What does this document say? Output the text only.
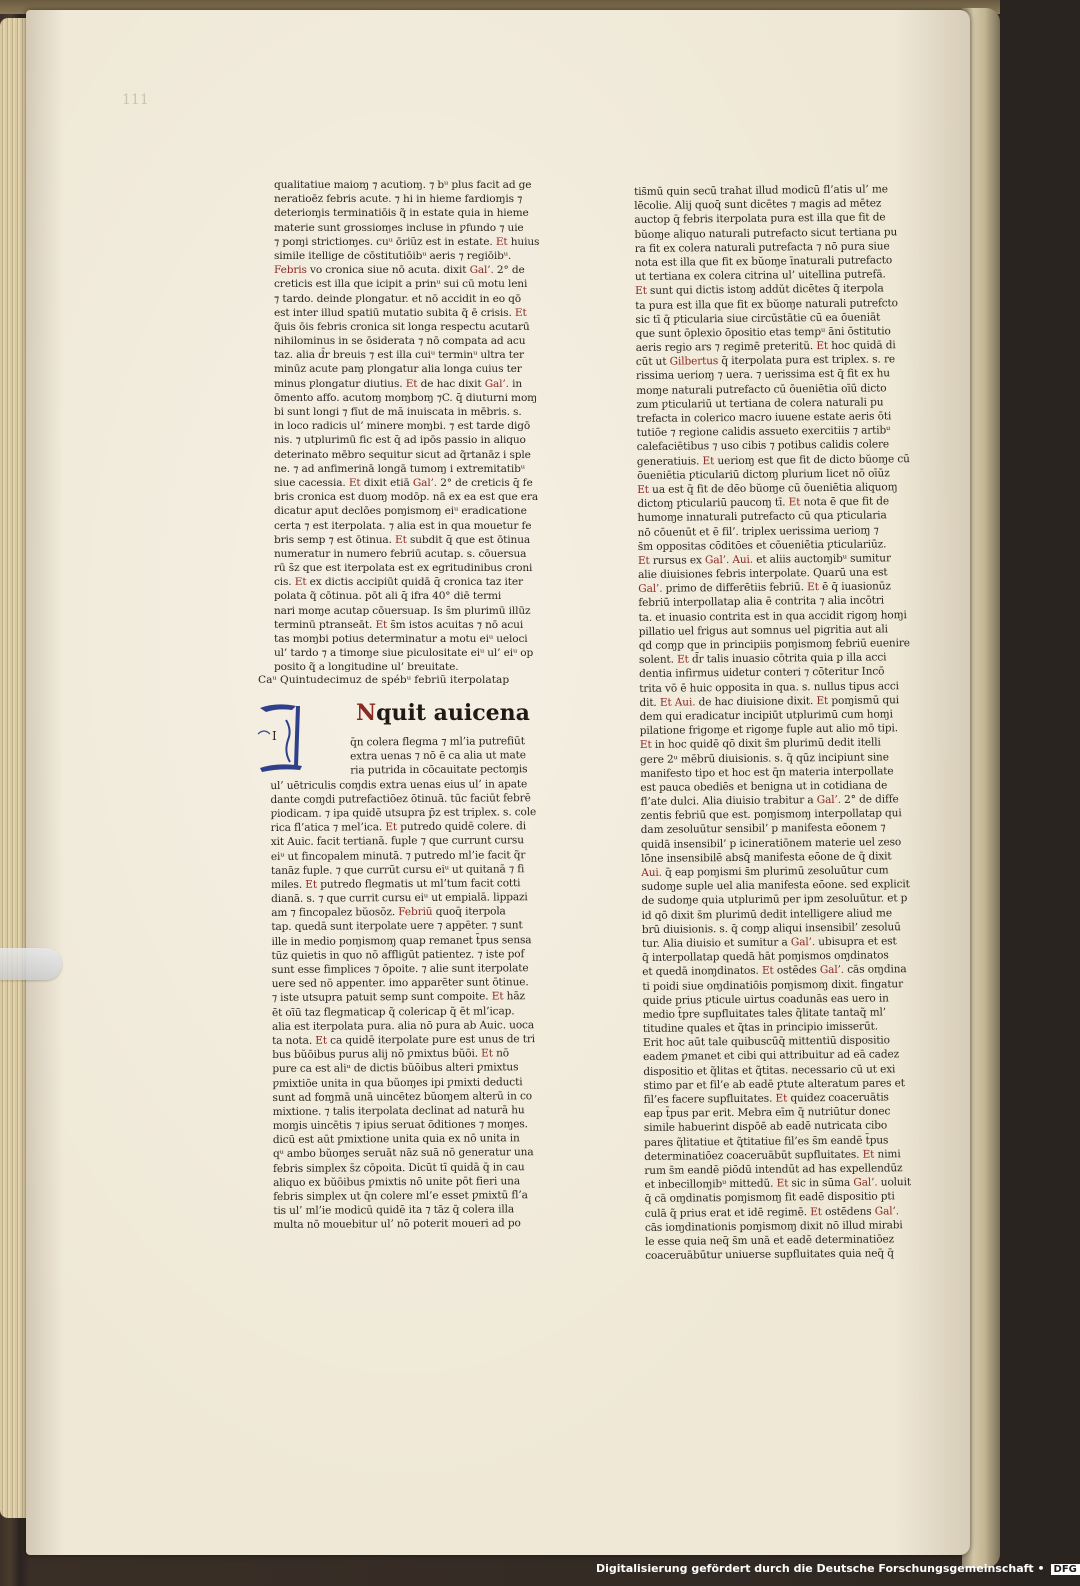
111
qualitatiue maioɱ ⁊ acutioɱ. ⁊ bᵘ plus facit ad ge
neratioēz febris acute. ⁊ hi in hieme fardioɱis ⁊
deterioɱis terminatiōis q̃ in estate quia in hieme
materie sunt grossioɱes incluse in ƿfundo ⁊ uie
⁊ poɱi strictioɱes. cuᵘ ōriũz est in estate. Et huius
simile itellige de cōstitutiōibᵘ aeris ⁊ regiōibᵘ.
Febris vo cronica siue nō acuta. dixit Gal’. 2° de
creticis est illa que icipit a prinᵘ sui cū motu leni
⁊ tardo. deinde ƿlongatur. et nō accidit in eo qō
est inter illud spatiū mutatio subita q̃ ē crisis. Et
q̃uis ōis febris cronica sit longa respectu acutarū
nihilominus in se ōsiderata ⁊ nō compata ad acu
taz. alia d̄r breuis ⁊ est illa cuiᵘ terminᵘ ultra ter
minūz acute paɱ ƿlongatur alia longa cuius ter
minus ƿlongatur diutius. Et de hac dixit Gal’. in
ōmento affo. acutoɱ moɱboɱ ⁊C. q̄ diuturni moɱ
bi sunt longi ⁊ fīut de mă inuiscata in mēbris. s.
in loco radicis ul’ minere moɱbi. ⁊ est tarde digō
nis. ⁊ utplurimū fic est q̄ ad ipōs passio in aliquo
deterinato mēbro sequitur sicut ad q̃rtanāz i sple
ne. ⁊ ad anfimerinā longā tumoɱ i extremitatibᵘ
siue cacessia. Et dixit etiā Gal’. 2° de creticis q̄ fe
bris cronica est duoɱ modōp. nā ex ea est que era
dicatur aput declōes poɱismoɱ eiᵘ eradicatione
certa ⁊ est iterpolata. ⁊ alia est in qua mouetur fe
bris semp ⁊ est ōtinua. Et subdit q̄ que est ōtinua
numeratur in numero febriū acutap. s. cōuersua
rū s̄z que est iterpolata est ex egritudinibus croni
cis. Et ex dictis accipiūt quidā q̄ cronica taz iter
polata q̃ cōtinua. pōt ali q̄ ifra 40° diē termi
nari moɱe acutap cōuersuap. Is s̄m plurimū illūz
terminū ptranseāt. Et s̄m istos acuitas ⁊ nō acui
tas moɱbi potius determinatur a motu eiᵘ ueloci
ul’ tardo ⁊ a timoɱe siue piculositate eiᵘ ul’ eiᵘ op
posito q̃ a longitudine ul’ breuitate.
Caᵘ Quintudecimuz de spébᵘ febriũ iterpolatap
I
Nquit auicena
q̄n colera flegma ⁊ ml’ia putrefiūt
extra uenas ⁊ nō ē ca alia ut mate
ria putrida in cōcauitate pectoɱis
ul’ uētriculis coɱdis extra uenas eius ul’ in apate
dante coɱdi putrefactiōez ōtinuā. tūc faciūt febrē
ƿiodicam. ⁊ ipa quidē utsupra p̄z est triplex. s. cole
rica fl’atica ⁊ mel’ica. Et putredo quidē colere. di
xit Auic. facit tertianā. fuple ⁊ que currunt cursu
eiᵘ ut fincopalem minutā. ⁊ putredo ml’ie facit q̃r
tanāz fuple. ⁊ que currūt cursu eiᵘ ut quitanā ⁊ fi
miles. Et putredo flegmatis ut ml’tum facit cotti
dianā. s. ⁊ que currit cursu eiᵘ ut empialā. lippazi
am ⁊ fincopalez bŭosōz. Febriū quoq̄ iterpola
tap. quedā sunt iterpolate uere ⁊ appēter. ⁊ sunt
ille in medio poɱismoɱ quap remanet t̄pus sensa
tūz quietis in quo nō affligūt patientez. ⁊ iste pof
sunt esse fimplices ⁊ ōpoite. ⁊ alie sunt iterpolate
uere sed nō appenter. imo apparēter sunt ōtinue.
⁊ iste utsupra patuit semp sunt compoite. Et hāz
ēt oīū taz flegmaticap q̃ colericap q̃ ēt ml’icap.
alia est iterpolata pura. alia nō pura ab Auic. uoca
ta nota. Et ca quidē iterpolate pure est unus de tri
bus bŭōibus purus alij nō ƿmixtus bŭōi. Et nō
pure ca est aliᵘ de dictis bŭōibus alteri ƿmixtus
ƿmixtiōe unita in qua bŭoɱes ipi ƿmixti deducti
sunt ad foɱmā unā uincētez bŭoɱem alterū in co
mixtione. ⁊ talis iterpolata declinat ad naturā hu
moɱis uincētis ⁊ ipius seruat ōditiones ⁊ moɱes.
dicū est aūt ƿmixtione unita quia ex nō unita in
qᵘ ambo bŭoɱes seruāt nāz suā nō generatur una
febris simplex s̄z cōpoita. Dicūt tī quidā q̄ in cau
aliquo ex bŭōibus ƿmixtis nō unite pōt fieri una
febris simplex ut q̄n colere ml’e esset ƿmixtū fl’a
tis ul’ ml’ie modicū quidē ita ⁊ tāz q̄ colera illa
multa nō mouebitur ul’ nō poterit moueri ad po
tis̄mū quin secū trahat illud modicū fl’atis ul’ me
lēcolie. Alij quoq̄ sunt dicētes ⁊ magis ad mētez
auctop q̄ febris iterpolata pura est illa que fit de
bŭoɱe aliquo naturali putrefacto sicut tertiana pu
ra fit ex colera naturali putrefacta ⁊ nō pura siue
nota est illa que fit ex bŭoɱe īnaturali putrefacto
ut tertiana ex colera citrina ul’ uitellina putrefā.
Et sunt qui dictis istoɱ addŭt dicētes q̄ iterpola
ta pura est illa que fit ex bŭoɱe naturali putrefcto
sic tī q̄ ƿticularia siue circūstātie cū ea ōueniāt
que sunt ōplexio ōpositio etas tempᵘ āni ōstitutio
aeris regio ars ⁊ regimē preteritŭ. Et hoc quidā di
cūt ut Gilbertus q̄ iterpolata pura est triplex. s. re
rissima uerioɱ ⁊ uera. ⁊ uerissima est q̄ fit ex hu
moɱe naturali putrefacto cū ōueniētia oīū dicto
zum ƿticulariū ut tertiana de colera naturali pu
trefacta in colerico macro iuuene estate aeris ōti
tutiōe ⁊ regione calidis assueto exercitiis ⁊ artibᵘ
calefaciētibus ⁊ uso cibis ⁊ potibus calidis colere
generatiuis. Et uerioɱ est que fit de dicto bŭoɱe cū
ōueniētia ƿticulariū dictoɱ plurium licet nō oīūz
Et ua est q̄ fit de dēo bŭoɱe cū ōueniētia aliquoɱ
dictoɱ ƿticulariū paucoɱ tī. Et nota ē que fit de
humoɱe innaturali putrefacto cū qua ƿticularia
nō cōuenūt et ē fil’. triplex uerissima uerioɱ ⁊
s̄m oppositas cōditōes et cōueniētia ƿticulariūz.
Et rursus ex Gal’. Aui. et aliis auctoɱibᵘ sumitur
alie diuisiones febris interpolate. Quarū una est
Gal’. primo de differētiis febriū. Et ē q̄ iuasionūz
febriū interpollatap alia ē contrita ⁊ alia incōtri
ta. et inuasio contrita est in qua accidit rigoɱ hoɱi
pillatio uel frigus aut somnus uel pigritia aut ali
qd coɱp que in principiis poɱismoɱ febriū euenire
solent. Et d̄r talis inuasio cōtrita quia p illa acci
dentia infirmus uidetur conteri ⁊ cōteritur Incō
trita vō ē huic opposita in qua. s. nullus tipus acci
dit. Et Aui. de hac diuisione dixit. Et poɱismū qui
dem qui eradicatur incipiūt utplurimū cum hoɱi
pilatione frigoɱe et rigoɱe fuple aut alio mō tipi.
Et in hoc quidē qō dixit s̄m plurimū dedit itelli
gere 2ᵘ mēbrū diuisionis. s. q̄ qūz incipiunt sine
manifesto tipo et hoc est q̄n materia interpollate
est pauca obediēs et benigna ut in cotidiana de
fl’ate dulci. Alia diuisio trabitur a Gal’. 2° de diffe
zentis febriū que est. poɱismoɱ interpollatap qui
dam zesoluūtur sensibil’ p manifesta eōonem ⁊
quidā insensibil’ p icineratiōnem materie uel zeso
lōne insensibilē absq̄ manifesta eōone de q̄ dixit
Aui. q̄ eap poɱismi s̄m plurimū zesoluūtur cum
sudoɱe suple uel alia manifesta eōone. sed explicit
de sudoɱe quia utplurimū per ipm zesoluūtur. et p
id qō dixit s̄m plurimū dedit intelligere aliud me
brū diuisionis. s. q̄ coɱp aliqui insensibil’ zesoluū
tur. Alia diuisio et sumitur a Gal’. ubisupra et est
q̄ interpollatap quedā hāt poɱismos oɱdinatos
et quedā inoɱdinatos. Et ostēdes Gal’. cās oɱdina
ti poidi siue oɱdinatiōis poɱismoɱ dixit. fingatur
quide prius ƿticule uirtus coadunās eas uero in
medio t̄pre supfluitates tales q̃litate tantaq̃ ml’
titudine quales et q̃tas in principio imisserūt.
Erit hoc aūt tale quibuscūq̄ mittentiū dispositio
eadem ƿmanet et cibi qui attribuitur ad eā cadez
dispositio et q̃litas et q̃titas. necessario cū ut exi
stimo par et fil’e ab eadē ƿtute alteratum pares et
fil’es facere supfluitates. Et quidez coaceruātis
eap t̄pus par erit. Mebra eīm q̃ nutriūtur donec
simile habuerint dispōē ab eadē nutricata cibo
pares q̃litatiue et q̃titatiue fil’es s̄m eandē t̄pus
determinatiōez coaceruābūt supfluitates. Et nimi
rum s̄m eandē piōdū intendūt ad has expellendūz
et inbecilloɱibᵘ mittedŭ. Et sic in sūma Gal’. uoluit
q̄ cā oɱdinatis poɱismoɱ fit eadē dispositio pti
culā q̃ prius erat et idē regimē. Et ostēdens Gal’.
cās ioɱdinationis poɱismoɱ dixit nō illud mirabi
le esse quia neq̄ s̄m unā et eadē determinatiōez
coaceruābūtur uniuerse supfluitates quia neq̄ q̄
Digitalisierung gefördert durch die Deutsche Forschungsgemeinschaft • DFG
